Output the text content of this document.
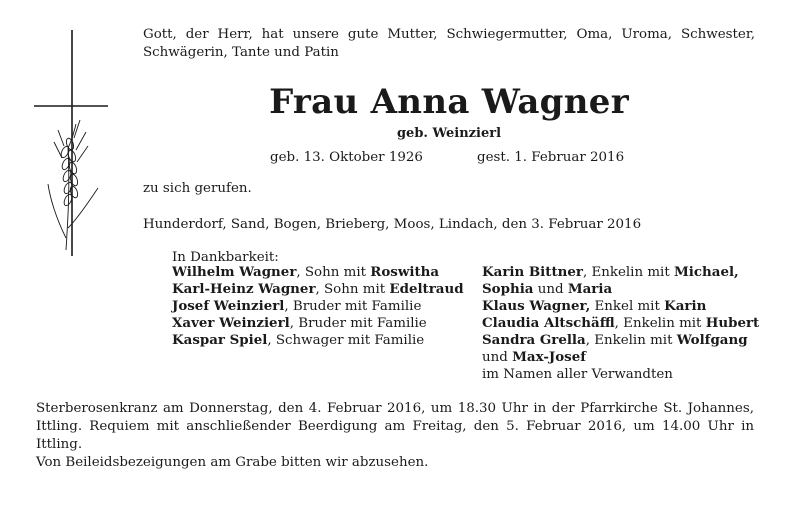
Gott, der Herr, hat unsere gute Mutter, Schwiegermutter, Oma, Uroma, Schwester,
Schwägerin, Tante und Patin
Frau Anna Wagner
geb. Weinzierl
geb. 13. Oktober 1926	gest. 1. Februar 2016
zu sich gerufen.
Hunderdorf, Sand, Bogen, Brieberg, Moos, Lindach, den 3. Februar 2016
In Dankbarkeit:
Wilhelm Wagner, Sohn mit Roswitha
Karl-Heinz Wagner, Sohn mit Edeltraud
Josef Weinzierl, Bruder mit Familie
Xaver Weinzierl, Bruder mit Familie
Kaspar Spiel, Schwager mit Familie
Karin Bittner, Enkelin mit Michael,
Sophia und Maria
Klaus Wagner, Enkel mit Karin
Claudia Altschäffl, Enkelin mit Hubert
Sandra Grella, Enkelin mit Wolfgang
und Max-Josef
im Namen aller Verwandten

Sterberosenkranz am Donnerstag, den 4. Februar 2016, um 18.30 Uhr in der Pfarrkirche St. Johannes, Ittling. Requiem mit anschließender Beerdigung am Freitag, den 5. Februar 2016, um 14.00 Uhr in Ittling.

Von Beileidsbezeigungen am Grabe bitten wir abzusehen.
